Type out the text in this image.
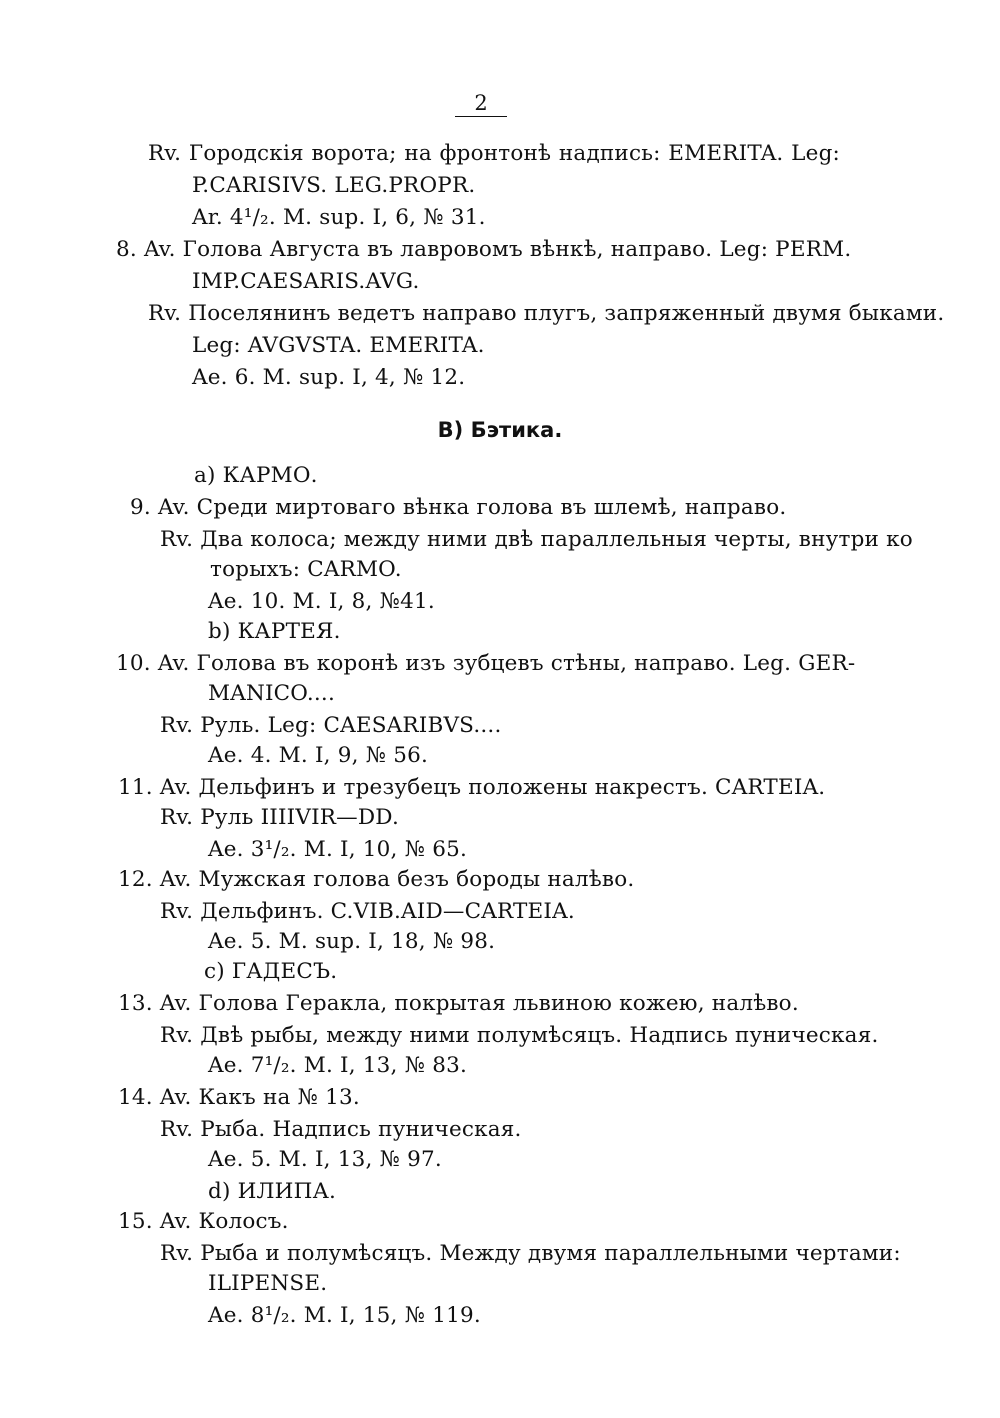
2
Rv. Городскія ворота; на фронтонѣ надпись: EMERITA. Leg:
P.CARISIVS. LEG.PROPR.
Ar. 4¹/₂. M. sup. I, 6, № 31.
8. Av. Голова Августа въ лавровомъ вѣнкѣ, направо. Leg: PERM.
IMP.CAESARIS.AVG.
Rv. Поселянинъ ведетъ направо плугъ, запряженный двумя быками.
Leg: AVGVSTA. EMERITA.
Ae. 6. M. sup. I, 4, № 12.
B) Бэтика.
a) КАРМО.
9. Av. Среди миртоваго вѣнка голова въ шлемѣ, направо.
Rv. Два колоса; между ними двѣ параллельныя черты, внутри ко
торыхъ: CARMO.
Ae. 10. M. I, 8, №41.
b) КАРТЕЯ.
10. Av. Голова въ коронѣ изъ зубцевъ стѣны, направо. Leg. GER-
MANICO....
Rv. Руль. Leg: CAESARIBVS....
Ae. 4. M. I, 9, № 56.
11. Av. Дельфинъ и трезубецъ положены накрестъ. CARTEIA.
Rv. Руль IIIIVIR—DD.
Ae. 3¹/₂. M. I, 10, № 65.
12. Av. Мужская голова безъ бороды налѣво.
Rv. Дельфинъ. C.VIB.AID—CARTEIA.
Ae. 5. M. sup. I, 18, № 98.
c) ГАДЕСЪ.
13. Av. Голова Геракла, покрытая львиною кожею, налѣво.
Rv. Двѣ рыбы, между ними полумѣсяцъ. Надпись пуническая.
Ae. 7¹/₂. M. I, 13, № 83.
14. Av. Какъ на № 13.
Rv. Рыба. Надпись пуническая.
Ae. 5. M. I, 13, № 97.
d) ИЛИПА.
15. Av. Колосъ.
Rv. Рыба и полумѣсяцъ. Между двумя параллельными чертами:
ILIPENSE.
Ae. 8¹/₂. M. I, 15, № 119.
